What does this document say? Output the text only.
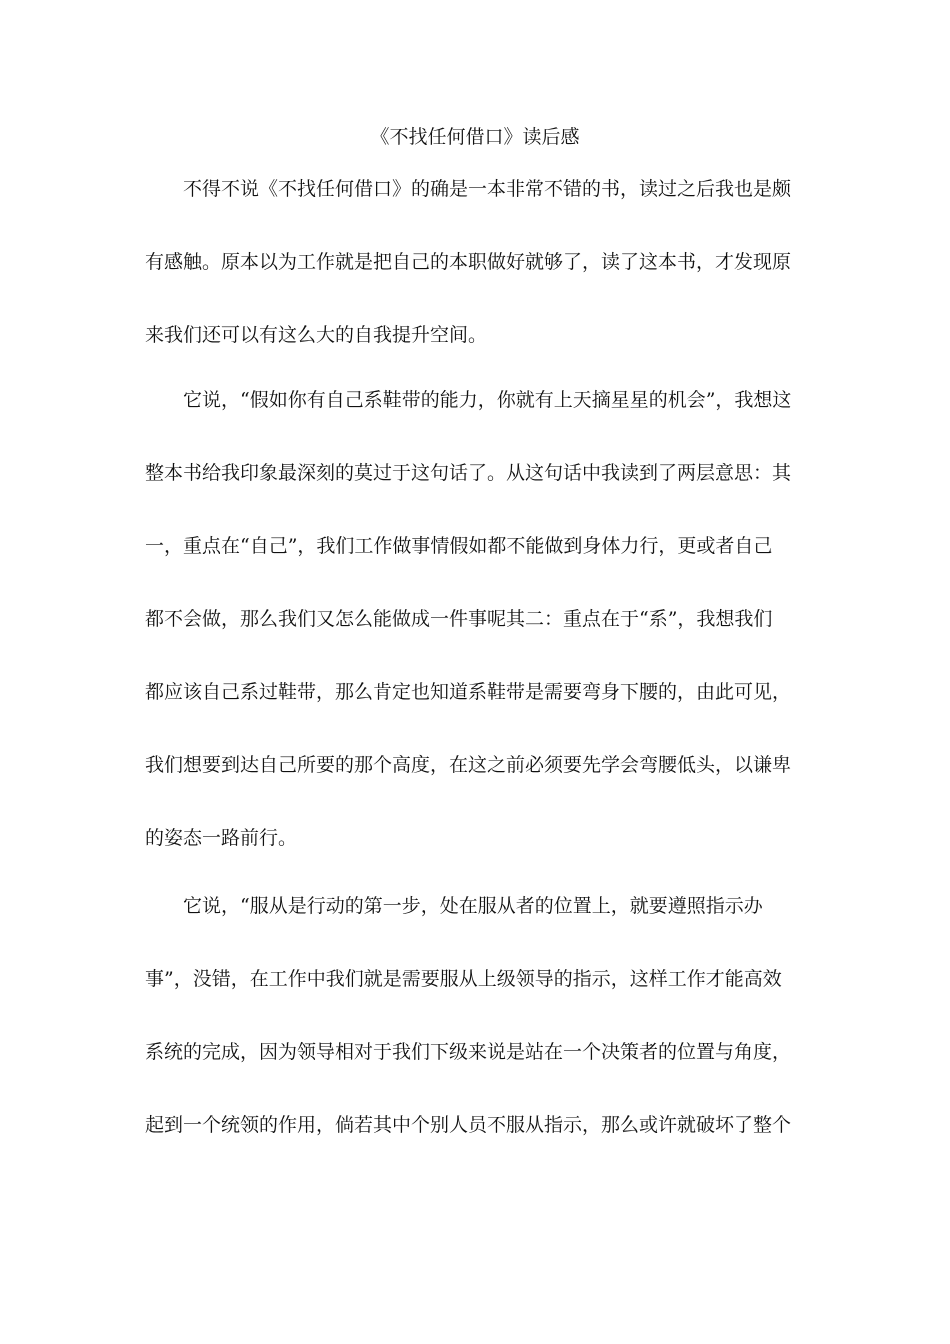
《不找任何借口》读后感
不得不说《不找任何借口》的确是一本非常不错的书，读过之后我也是颇
有感触。原本以为工作就是把自己的本职做好就够了，读了这本书，才发现原
来我们还可以有这么大的自我提升空间。
它说，“假如你有自己系鞋带的能力，你就有上天摘星星的机会”，我想这
整本书给我印象最深刻的莫过于这句话了。从这句话中我读到了两层意思：其
一，重点在“自己”，我们工作做事情假如都不能做到身体力行，更或者自己
都不会做，那么我们又怎么能做成一件事呢其二：重点在于“系”，我想我们
都应该自己系过鞋带，那么肯定也知道系鞋带是需要弯身下腰的，由此可见，
我们想要到达自己所要的那个高度，在这之前必须要先学会弯腰低头，以谦卑
的姿态一路前行。
它说，“服从是行动的第一步，处在服从者的位置上，就要遵照指示办
事”，没错，在工作中我们就是需要服从上级领导的指示，这样工作才能高效
系统的完成，因为领导相对于我们下级来说是站在一个决策者的位置与角度，
起到一个统领的作用，倘若其中个别人员不服从指示，那么或许就破坏了整个
